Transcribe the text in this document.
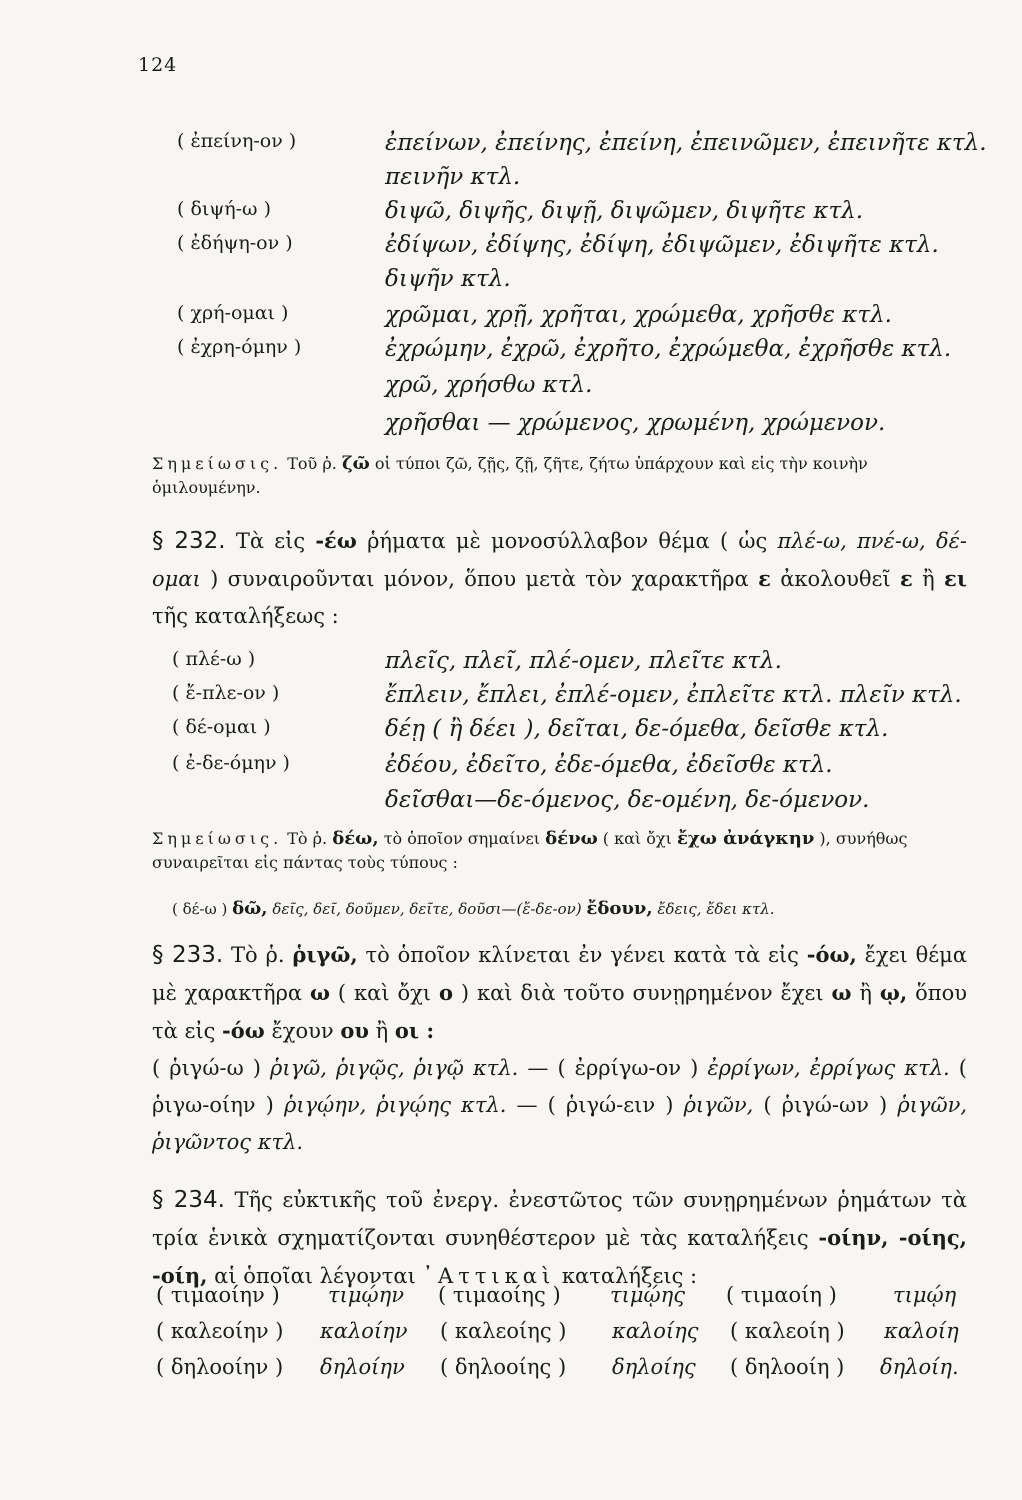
124
( ἐπείνη-ον )	ἐπείνων, ἐπείνης, ἐπείνη, ἐπεινῶμεν, ἐπεινῆτε κτλ.
πεινῆν κτλ.
( διψή-ω )	διψῶ, διψῆς, διψῇ, διψῶμεν, διψῆτε κτλ.
( ἐδήψη-ον )	ἐδίψων, ἐδίψης, ἐδίψη, ἐδιψῶμεν, ἐδιψῆτε κτλ.
διψῆν κτλ.
( χρή-ομαι )	χρῶμαι, χρῇ, χρῆται, χρώμεθα, χρῆσθε κτλ.
( ἐχρη-όμην )	ἐχρώμην, ἐχρῶ, ἐχρῆτο, ἐχρώμεθα, ἐχρῆσθε κτλ.
χρῶ, χρήσθω κτλ.
χρῆσθαι — χρώμενος, χρωμένη, χρώμενον.
Σημείωσις. Τοῦ ῥ. ζῶ οἱ τύποι ζῶ, ζῇς, ζῇ, ζῆτε, ζήτω ὑπάρχουν καὶ εἰς τὴν κοινὴν ὁμιλουμένην.
§ 232. Τὰ εἰς -έω ῥήματα μὲ μονοσύλλαβον θέμα ( ὡς πλέ-ω, πνέ-ω, δέ-ομαι ) συναιροῦνται μόνον, ὅπου μετὰ τὸν χαρακτῆρα ε ἀκολουθεῖ ε ἢ ει τῆς καταλήξεως :
( πλέ-ω )	πλεῖς, πλεῖ, πλέ-ομεν, πλεῖτε κτλ.
( ἔ-πλε-ον )	ἔπλειν, ἔπλει, ἐπλέ-ομεν, ἐπλεῖτε κτλ. πλεῖν κτλ.
( δέ-ομαι )	δέῃ ( ἢ δέει ), δεῖται, δε-όμεθα, δεῖσθε κτλ.
( ἐ-δε-όμην )	ἐδέου, ἐδεῖτο, ἐδε-όμεθα, ἐδεῖσθε κτλ.
δεῖσθαι—δε-όμενος, δε-ομένη, δε-όμενον.
Σημείωσις. Τὸ ῥ. δέω, τὸ ὁποῖον σημαίνει δένω ( καὶ ὄχι ἔχω ἀνάγκην ), συνήθως συναιρεῖται εἰς πάντας τοὺς τύπους :
( δέ-ω ) δῶ, δεῖς, δεῖ, δοῦμεν, δεῖτε, δοῦσι—(ἔ-δε-ον) ἔδουν, ἔδεις, ἔδει κτλ.
§ 233. Τὸ ῥ. ῥιγῶ, τὸ ὁποῖον κλίνεται ἐν γένει κατὰ τὰ εἰς -όω, ἔχει θέμα μὲ χαρακτῆρα ω ( καὶ ὄχι ο ) καὶ διὰ τοῦτο συνῃρημένον ἔχει ω ἢ ῳ, ὅπου τὰ εἰς -όω ἔχουν ου ἢ οι :
( ῥιγώ-ω ) ῥιγῶ, ῥιγῷς, ῥιγῷ κτλ. — ( ἐρρίγω-ον ) ἐρρίγων, ἐρρίγως κτλ. ( ῥιγω-οίην ) ῥιγῴην, ῥιγῴης κτλ. — ( ῥιγώ-ειν ) ῥιγῶν, ( ῥιγώ-ων ) ῥιγῶν, ῥιγῶντος κτλ.
§ 234. Τῆς εὐκτικῆς τοῦ ἐνεργ. ἐνεστῶτος τῶν συνῃρημένων ῥημάτων τὰ τρία ἑνικὰ σχηματίζονται συνηθέστερον μὲ τὰς καταλήξεις -οίην, -οίης, -οίη, αἱ ὁποῖαι λέγονται ᾿Αττικαὶ καταλήξεις :
( τιμαοίην ) τιμῴην ( τιμαοίης ) τιμῴης ( τιμαοίη )	τιμῴη
( καλεοίην ) καλοίην ( καλεοίης ) καλοίης ( καλεοίη ) καλοίη
( δηλοοίην ) δηλοίην ( δηλοοίης ) δηλοίης ( δηλοοίη ) δηλοίη.
